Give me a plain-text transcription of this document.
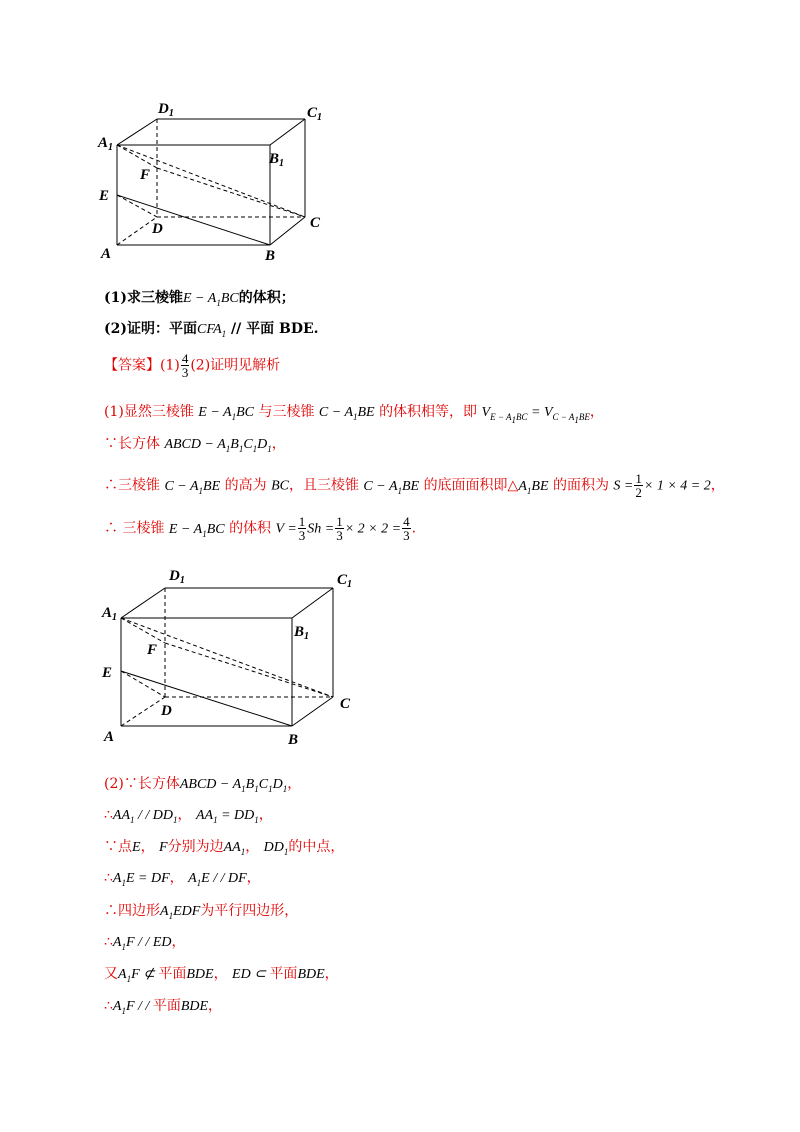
$A_1$
$D_1$	$C_1$
$B_1$
E
F
D	C
A	B
(1)求三棱锥$E - A_1BC$的体积；
(2)证明：平面$CFA_1$ // 平面 BDE.
【答案】$(1) \frac{4}{3} (2)$证明见解析
(1)显然三棱锥 $E - A_1BC$ 与三棱锥 $C - A_1BE$ 的体积相等，即 $V_{E - A_1BC} = V_{C - A_1BE}$，
∵长方体 ABCD − $A_1B_1C_1D_1$，
∴三棱锥 $C - A_1BE$ 的高为 BC，且三棱锥 $C - A_1BE$ 的底面面积即$\triangle A_1BE$ 的面积为 $S = \frac{1}{2} \times 1 \times 4 = 2$，
∴ 三棱锥 $E - A_1BC$ 的体积 $V = \frac{1}{3}$ $Sh = \frac{1}{3} \times 2 \times 2 = \frac{4}{3}$ .
$A_1$
$D_1$	$C_1$
$B_1$
E
F
D	C
A	B
(2)∵长方体ABCD − $A_1B_1C_1D_1$，
$\therefore AA_1$ / / $DD_1$， $AA_1 = DD_1$，
∵点E， F分别为边$AA_1$， $DD_1$的中点，
$\therefore A_1E$ = DF， $A_1E$ / / DF，
∴四边形$A_1EDF$为平行四边形，
$\therefore A_1F$ / / ED，
又$A_1F$ ⊄ 平面BDE， ED ⊂ 平面BDE，
$\therefore A_1F$ / / 平面BDE，
